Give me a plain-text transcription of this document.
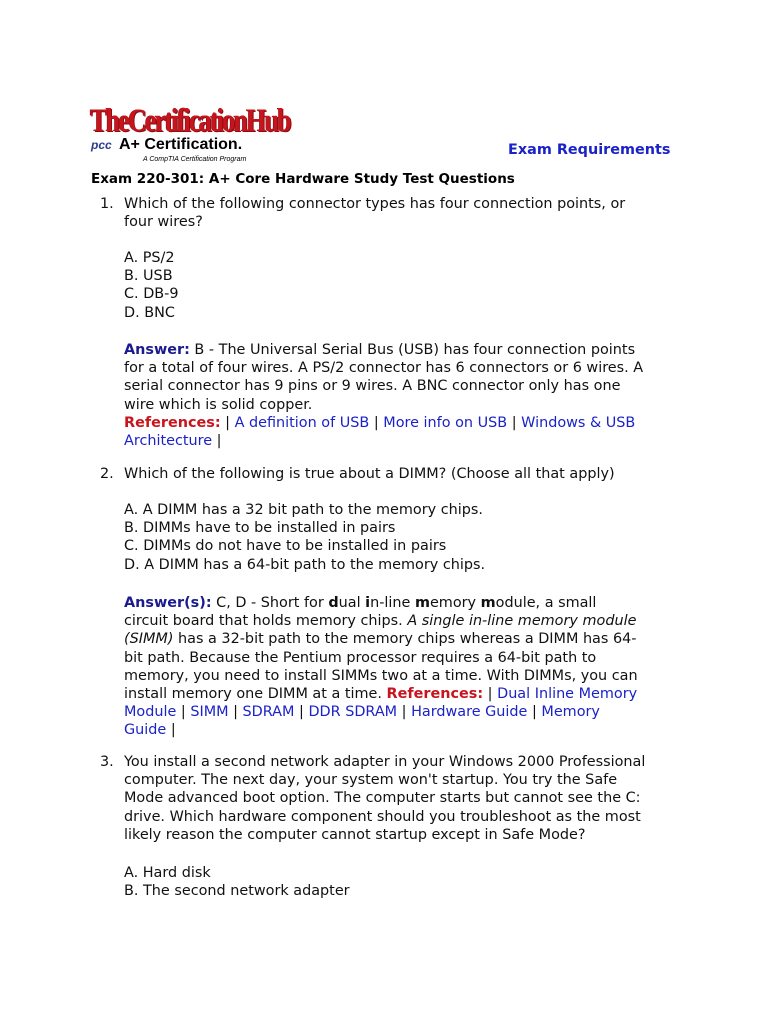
TheCertificationHub
pcc A+ Certification.
A CompTIA Certification Program
Exam Requirements
Exam 220-301: A+ Core Hardware Study Test Questions
1. Which of the following connector types has four connection points, or
four wires?
A. PS/2
B. USB
C. DB-9
D. BNC
Answer: B - The Universal Serial Bus (USB) has four connection points
for a total of four wires. A PS/2 connector has 6 connectors or 6 wires. A
serial connector has 9 pins or 9 wires. A BNC connector only has one
wire which is solid copper.
References: | A definition of USB | More info on USB | Windows & USB
Architecture |
2. Which of the following is true about a DIMM? (Choose all that apply)
A. A DIMM has a 32 bit path to the memory chips.
B. DIMMs have to be installed in pairs
C. DIMMs do not have to be installed in pairs
D. A DIMM has a 64-bit path to the memory chips.
Answer(s): C, D - Short for dual in-line memory module, a small
circuit board that holds memory chips. A single in-line memory module
(SIMM) has a 32-bit path to the memory chips whereas a DIMM has 64-
bit path. Because the Pentium processor requires a 64-bit path to
memory, you need to install SIMMs two at a time. With DIMMs, you can
install memory one DIMM at a time. References: | Dual Inline Memory
Module | SIMM | SDRAM | DDR SDRAM | Hardware Guide | Memory
Guide |
3. You install a second network adapter in your Windows 2000 Professional
computer. The next day, your system won't startup. You try the Safe
Mode advanced boot option. The computer starts but cannot see the C:
drive. Which hardware component should you troubleshoot as the most
likely reason the computer cannot startup except in Safe Mode?
A. Hard disk
B. The second network adapter
